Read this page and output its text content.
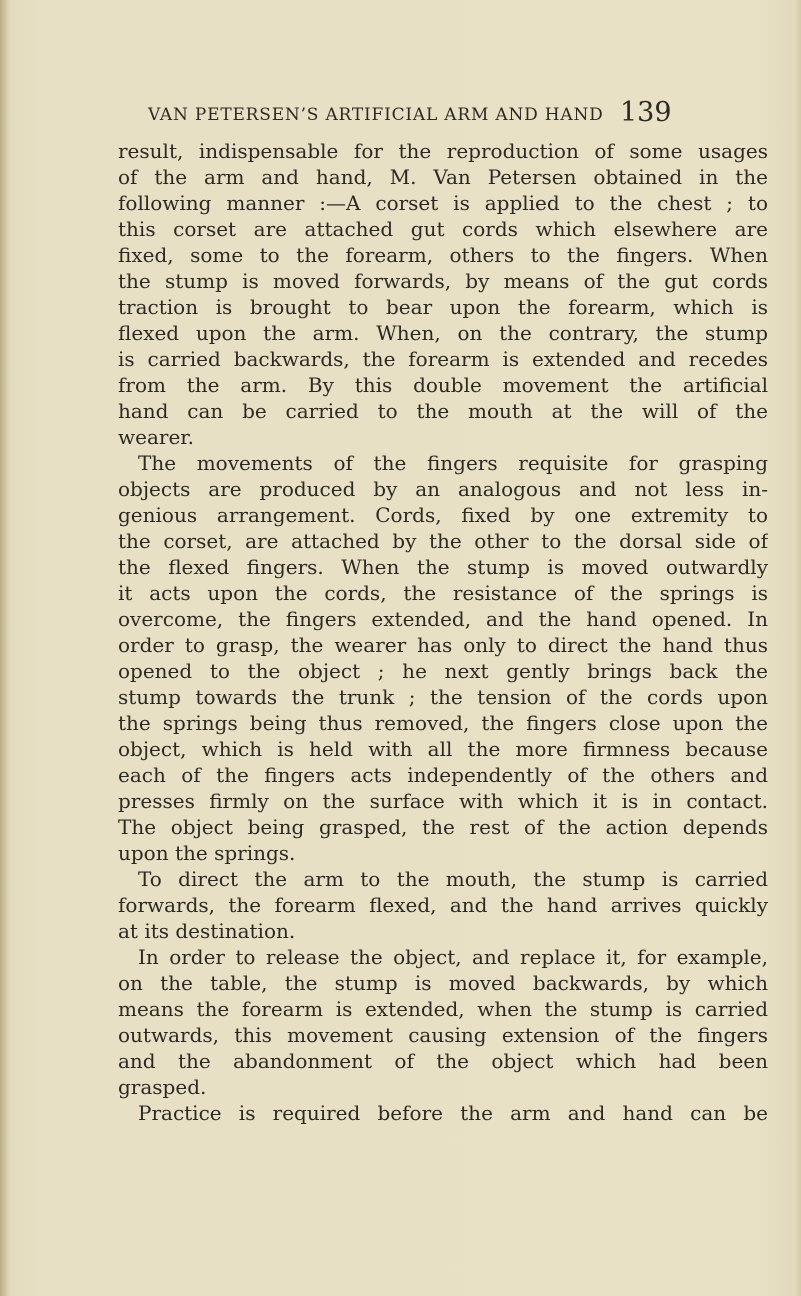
VAN PETERSEN’S ARTIFICIAL ARM AND HAND 139
result, indispensable for the reproduction of some usages
of the arm and hand, M. Van Petersen obtained in the
following manner :—A corset is applied to the chest ; to
this corset are attached gut cords which elsewhere are
fixed, some to the forearm, others to the fingers. When
the stump is moved forwards, by means of the gut cords
traction is brought to bear upon the forearm, which is
flexed upon the arm. When, on the contrary, the stump
is carried backwards, the forearm is extended and recedes
from the arm. By this double movement the artificial
hand can be carried to the mouth at the will of the
wearer.
The movements of the fingers requisite for grasping
objects are produced by an analogous and not less in-
genious arrangement. Cords, fixed by one extremity to
the corset, are attached by the other to the dorsal side of
the flexed fingers. When the stump is moved outwardly
it acts upon the cords, the resistance of the springs is
overcome, the fingers extended, and the hand opened. In
order to grasp, the wearer has only to direct the hand thus
opened to the object ; he next gently brings back the
stump towards the trunk ; the tension of the cords upon
the springs being thus removed, the fingers close upon the
object, which is held with all the more firmness because
each of the fingers acts independently of the others and
presses firmly on the surface with which it is in contact.
The object being grasped, the rest of the action depends
upon the springs.
To direct the arm to the mouth, the stump is carried
forwards, the forearm flexed, and the hand arrives quickly
at its destination.
In order to release the object, and replace it, for example,
on the table, the stump is moved backwards, by which
means the forearm is extended, when the stump is carried
outwards, this movement causing extension of the fingers
and the abandonment of the object which had been
grasped.
Practice is required before the arm and hand can be
